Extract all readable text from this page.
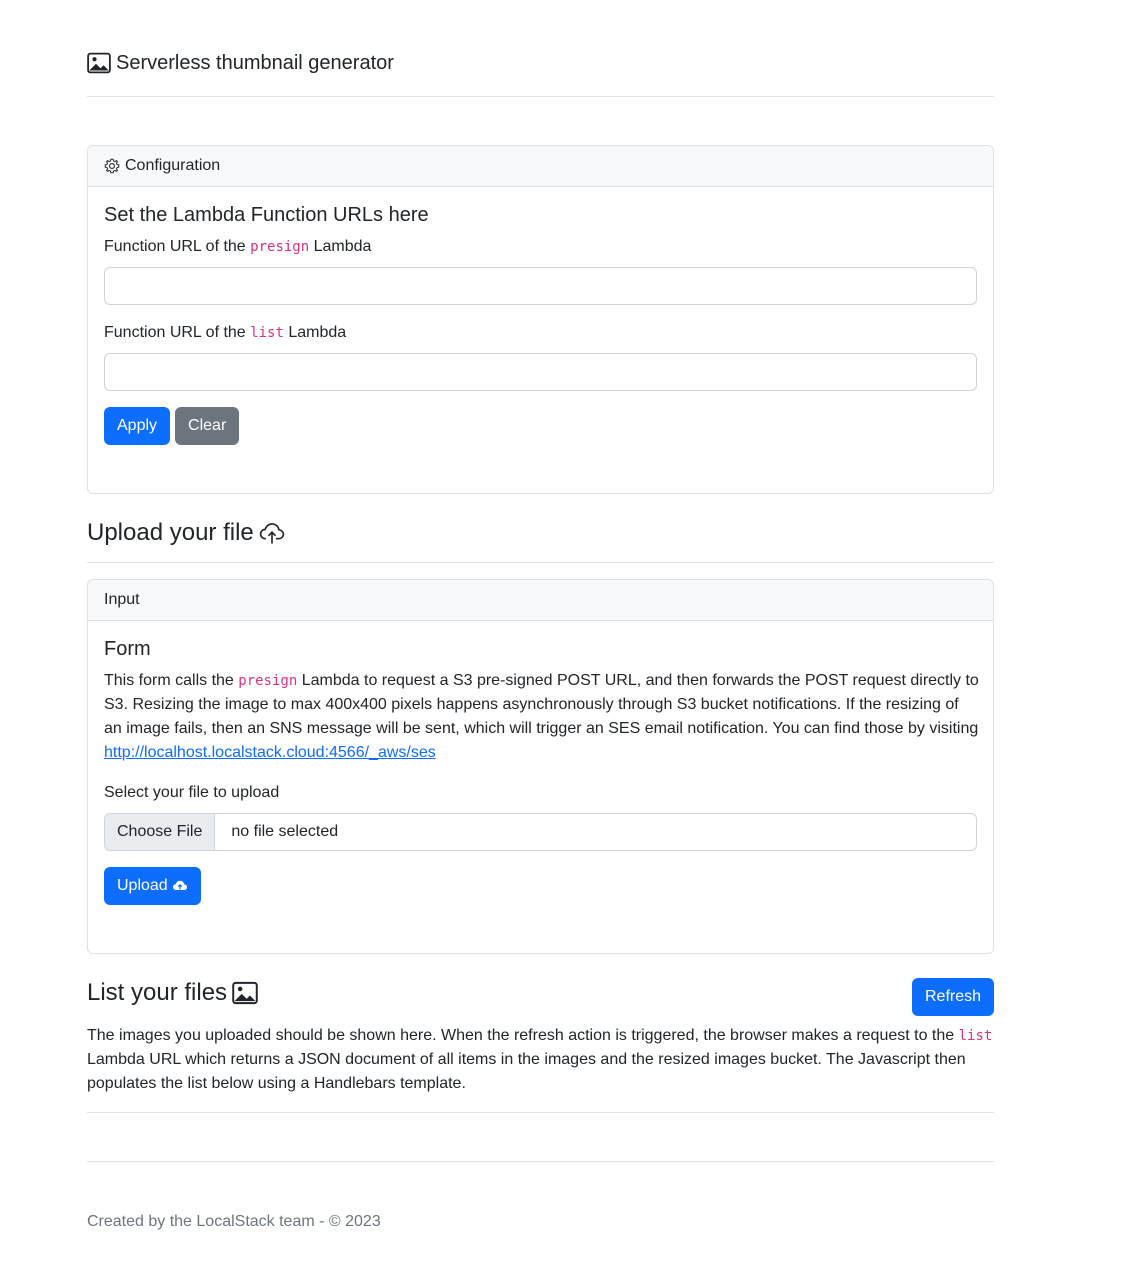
Serverless thumbnail generator
Configuration
Set the Lambda Function URLs here
Function URL of the presign Lambda
Function URL of the list Lambda
Apply	Clear
Upload your file
Input
Form

This form calls the presign Lambda to request a S3 pre-signed POST URL, and then forwards the POST request directly to S3. Resizing the image to max 400x400 pixels happens asynchronously through S3 bucket notifications. If the resizing of an image fails, then an SNS message will be sent, which will trigger an SES email notification. You can find those by visiting http://localhost.localstack.cloud:4566/_aws/ses

Select your file to upload
Choose File	no file selected
Upload
List your files	Refresh

The images you uploaded should be shown here. When the refresh action is triggered, the browser makes a request to the list Lambda URL which returns a JSON document of all items in the images and the resized images bucket. The Javascript then populates the list below using a Handlebars template.

Created by the LocalStack team - © 2023
